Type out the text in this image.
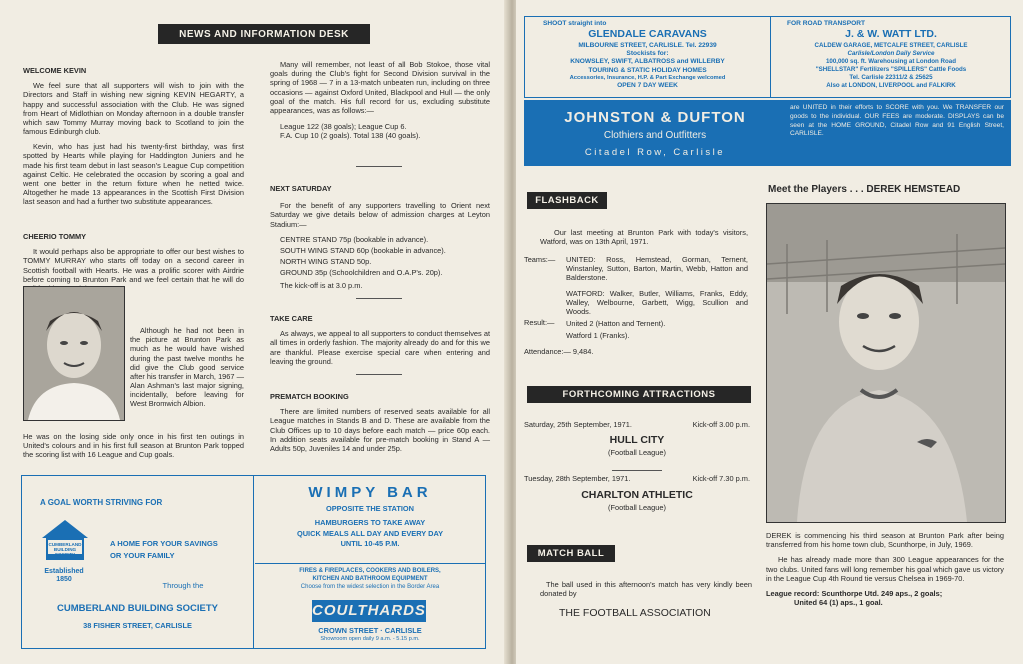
NEWS AND INFORMATION DESK

WELCOME KEVIN

We feel sure that all supporters will wish to join with the Directors and Staff in wishing new signing KEVIN HEGARTY, a happy and successful association with the Club. He was signed from Heart of Midlothian on Monday afternoon in a double transfer which saw Tommy Murray moving back to Scotland to join the famous Edinburgh club.

Kevin, who has just had his twenty-first birthday, was first spotted by Hearts while playing for Haddington Juniers and he made his first team debut in last season's League Cup competition against Celtic. He celebrated the occasion by scoring a goal and went one better in the return fixture when he netted twice. Altogether he made 13 appearances in the Scottish First Division last season and had a further two substitute appearances.

CHEERIO TOMMY

It would perhaps also be appropriate to offer our best wishes to TOMMY MURRAY who starts off today on a second career in Scottish football with Hearts. He was a prolific scorer with Airdrie before coming to Brunton Park and we feel certain that he will do

Although he had not been in the picture at Brunton Park as much as he would have wished during the past twelve months he did give the Club good service after his transfer in March, 1967 — Alan Ashman's last major signing, incidentally, before leaving for West Bromwich Albion.

He was on the losing side only once in his first ten outings in United's colours and in his first full season at Brunton Park topped the scoring list with 16 League and Cup goals.

Many will remember, not least of all Bob Stokoe, those vital goals during the Club's fight for Second Division survival in the spring of 1968 — 7 in a 13-match unbeaten run, including on three occasions — against Oxford United, Blackpool and Hull — the only goal of the match. His full record for us, excluding substitute appearances, was as follows:—

League 122 (38 goals); League Cup 6.

F.A. Cup 10 (2 goals). Total 138 (40 goals).

NEXT SATURDAY

For the benefit of any supporters travelling to Orient next Saturday we give details below of admission charges at Leyton Stadium:—

CENTRE STAND 75p (bookable in advance).

SOUTH WING STAND 60p (bookable in advance).

NORTH WING STAND 50p.

GROUND 35p (Schoolchildren and O.A.P's. 20p).

The kick-off is at 3.0 p.m.

TAKE CARE

As always, we appeal to all supporters to conduct themselves at all times in orderly fashion. The majority already do and for this we are thankful. Please exercise special care when entering and leaving the ground.

PREMATCH BOOKING

There are limited numbers of reserved seats available for all League matches in Stands B and D. These are available from the Club Offices up to 10 days before each match — price 60p each. In addition seats available for pre-match booking in Stand A — Adults 50p, Juveniles 14 and under 25p.

A GOAL WORTH STRIVING FOR
CUMBERLAND
BUILDING SOCIETY
Established 1850
A HOME FOR YOUR SAVINGS
OR YOUR FAMILY
Through the
CUMBERLAND BUILDING SOCIETY
38 FISHER STREET, CARLISLE
WIMPY BAR
OPPOSITE THE STATION
HAMBURGERS TO TAKE AWAY
QUICK MEALS ALL DAY AND EVERY DAY
UNTIL 10-45 P.M.
FIRES & FIREPLACES, COOKERS AND BOILERS,
KITCHEN AND BATHROOM EQUIPMENT
Choose from the widest selection in the Border Area
COULTHARDS
CROWN STREET · CARLISLE
Showroom open daily 9 a.m. - 5.15 p.m.
SHOOT straight into
GLENDALE CARAVANS
MILBOURNE STREET, CARLISLE. Tel. 22939
Stockists for:
KNOWSLEY, SWIFT, ALBATROSS and WILLERBY
TOURING & STATIC HOLIDAY HOMES
Accessories, Insurance, H.P. & Part Exchange welcomed
OPEN 7 DAY WEEK
FOR ROAD TRANSPORT
J. & W. WATT LTD.
CALDEW GARAGE, METCALFE STREET, CARLISLE
Carlisle/London Daily Service
100,000 sq. ft. Warehousing at London Road
"SHELLSTAR" Fertilizers "SPILLERS" Cattle Foods
Tel. Carlisle 22311/2 & 25625
Also at LONDON, LIVERPOOL and FALKIRK
JOHNSTON & DUFTON
Clothiers and Outfitters
Citadel Row, Carlisle
are UNITED in their efforts to SCORE with you. We TRANSFER our goods to the individual. OUR FEES are moderate. DISPLAYS can be seen at the HOME GROUND, Citadel Row and 91 English Street, CARLISLE.
FLASHBACK

Our last meeting at Brunton Park with today's visitors, Watford, was on 13th April, 1971.

Teams:—	UNITED: Ross, Hemstead, Gorman, Ternent, Winstanley, Sutton, Barton, Martin, Webb, Hatton and Balderstone.

WATFORD: Walker, Butler, Williams, Franks, Eddy, Walley, Welbourne, Garbett, Wigg, Scullion and Woods.

Result:—	United 2 (Hatton and Ternent).

Watford 1 (Franks).

Attendance:— 9,484.
FORTHCOMING ATTRACTIONS
Saturday, 25th September, 1971.	Kick-off 3.00 p.m.
HULL CITY
(Football League)
Tuesday, 28th September, 1971.	Kick-off 7.30 p.m.
CHARLTON ATHLETIC
(Football League)
MATCH BALL

The ball used in this afternoon's match has very kindly been donated by

THE FOOTBALL ASSOCIATION
Meet the Players . . . DEREK HEMSTEAD

DEREK is commencing his third season at Brunton Park after being transferred from his home town club, Scunthorpe, in July, 1969.

He has already made more than 300 League appearances for the two clubs. United fans will long remember his goal which gave us victory in the League Cup 4th Round tie versus Chelsea in 1969-70.

League record: Scunthorpe Utd. 249 aps., 2 goals;

United 64 (1) aps., 1 goal.
